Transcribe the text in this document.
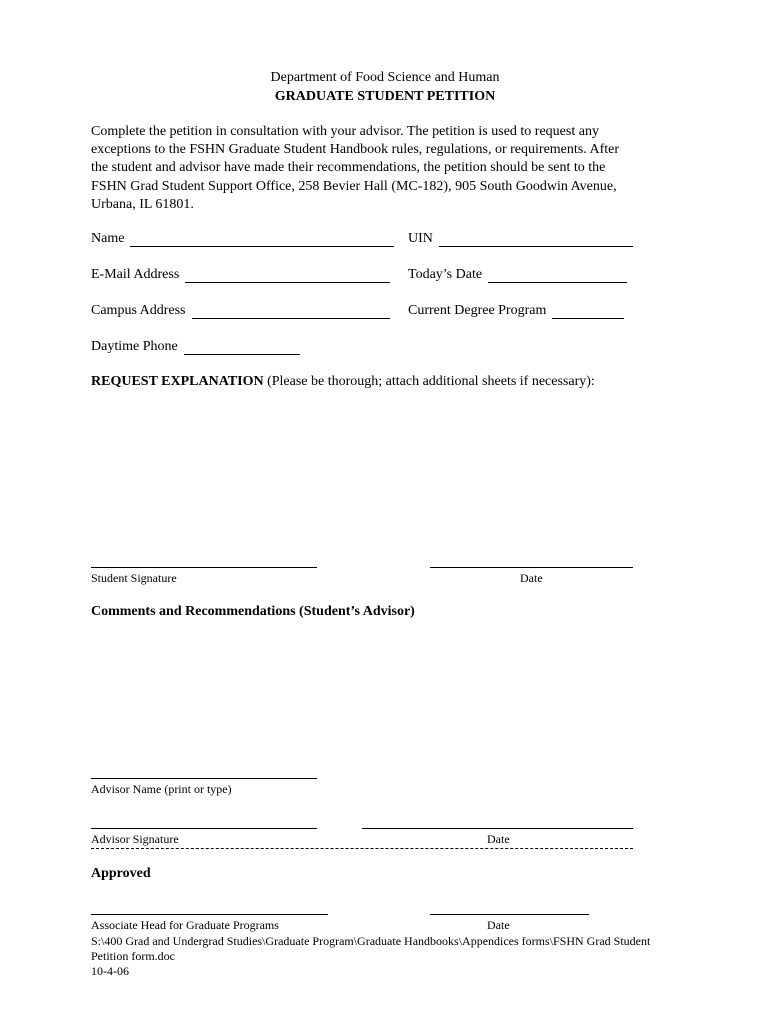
Department of Food Science and Human
GRADUATE STUDENT PETITION
Complete the petition in consultation with your advisor. The petition is used to request any
exceptions to the FSHN Graduate Student Handbook rules, regulations, or requirements. After
the student and advisor have made their recommendations, the petition should be sent to the
FSHN Grad Student Support Office, 258 Bevier Hall (MC-182), 905 South Goodwin Avenue,
Urbana, IL 61801.
Name	UIN
E-Mail Address	Today’s Date
Campus Address	Current Degree Program
Daytime Phone
REQUEST EXPLANATION (Please be thorough; attach additional sheets if necessary):
Student Signature	Date
Comments and Recommendations (Student’s Advisor)
Advisor Name (print or type)
Advisor Signature	Date
Approved
Associate Head for Graduate Programs	Date
S:\400 Grad and Undergrad Studies\Graduate Program\Graduate Handbooks\Appendices forms\FSHN Grad Student
Petition form.doc
10-4-06
